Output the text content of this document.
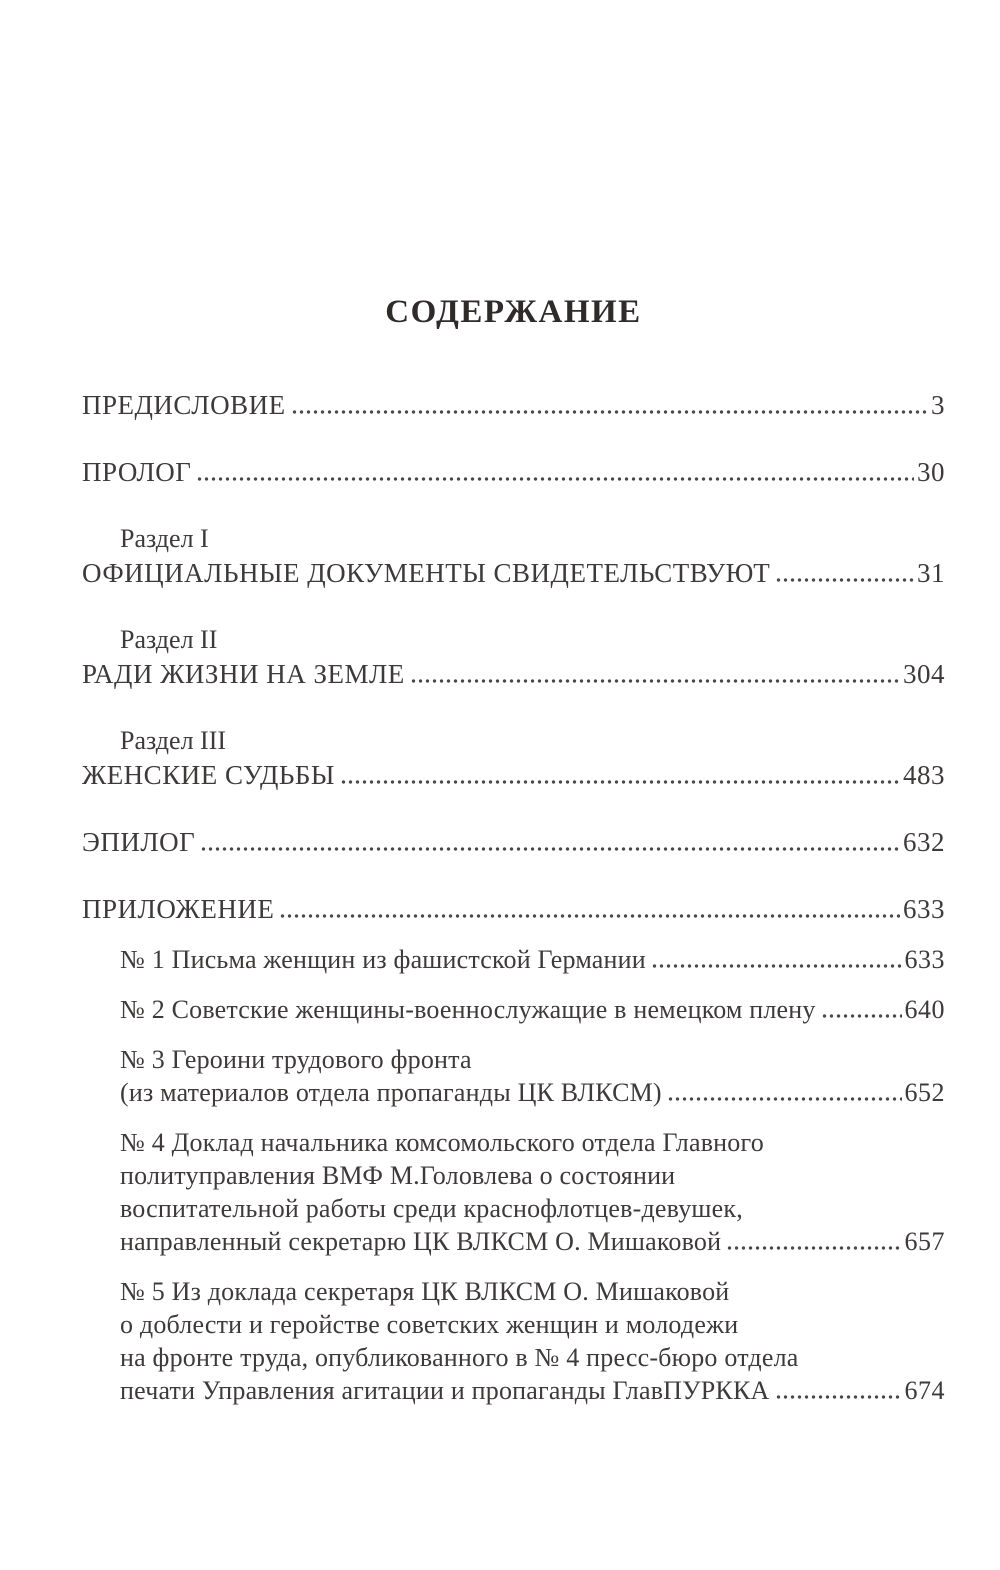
СОДЕРЖАНИЕ
ПРЕДИСЛОВИЕ	3
ПРОЛОГ	30
Раздел I
ОФИЦИАЛЬНЫЕ ДОКУМЕНТЫ СВИДЕТЕЛЬСТВУЮТ	31
Раздел II
РАДИ ЖИЗНИ НА ЗЕМЛЕ	304
Раздел III
ЖЕНСКИЕ СУДЬБЫ	483
ЭПИЛОГ	632
ПРИЛОЖЕНИЕ	633
№ 1 Письма женщин из фашистской Германии	633
№ 2 Советские женщины-военнослужащие в немецком плену	640
№ 3 Героини трудового фронта
(из материалов отдела пропаганды ЦК ВЛКСМ)	652
№ 4 Доклад начальника комсомольского отдела Главного
политуправления ВМФ М.Головлева о состоянии
воспитательной работы среди краснофлотцев-девушек,
направленный секретарю ЦК ВЛКСМ О. Мишаковой	657
№ 5 Из доклада секретаря ЦК ВЛКСМ О. Мишаковой
о доблести и геройстве советских женщин и молодежи
на фронте труда, опубликованного в № 4 пресс-бюро отдела
печати Управления агитации и пропаганды ГлавПУРККА	674
